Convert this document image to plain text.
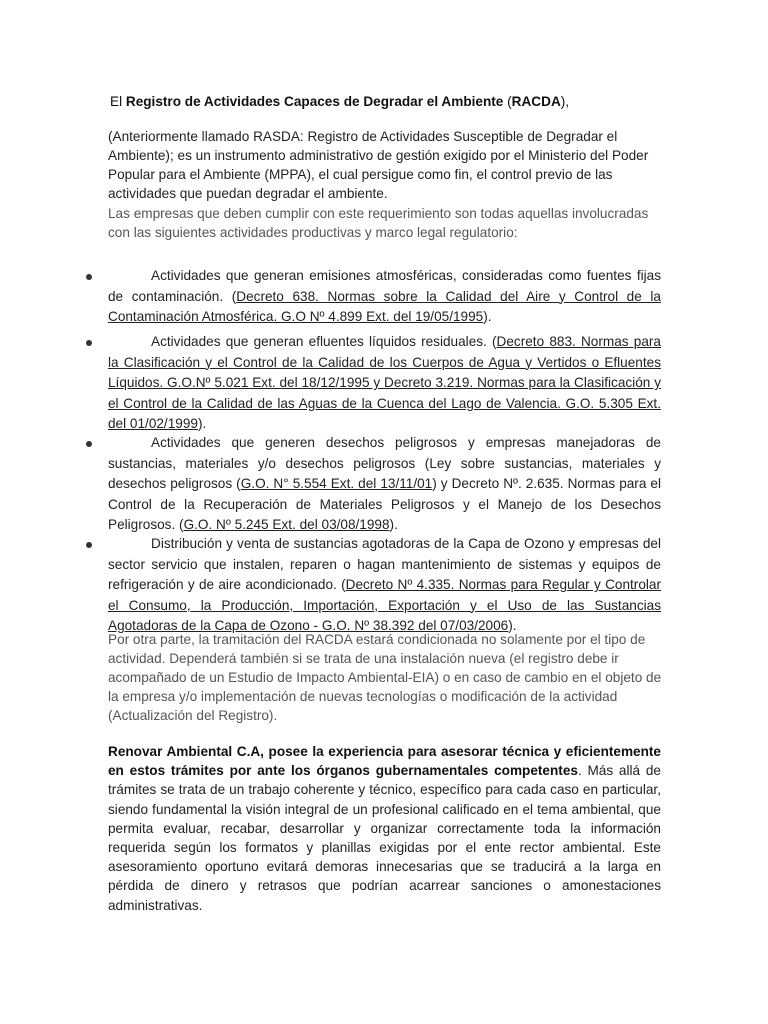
El Registro de Actividades Capaces de Degradar el Ambiente (RACDA),

(Anteriormente llamado RASDA: Registro de Actividades Susceptible de Degradar el Ambiente); es un instrumento administrativo de gestión exigido por el Ministerio del Poder Popular para el Ambiente (MPPA), el cual persigue como fin, el control previo de las actividades que puedan degradar el ambiente.

Las empresas que deben cumplir con este requerimiento son todas aquellas involucradas con las siguientes actividades productivas y marco legal regulatorio:

Actividades que generan emisiones atmosféricas, consideradas como fuentes fijas de contaminación. (Decreto 638. Normas sobre la Calidad del Aire y Control de la Contaminación Atmosférica. G.O Nº 4.899 Ext. del 19/05/1995).

Actividades que generan efluentes líquidos residuales. (Decreto 883. Normas para la Clasificación y el Control de la Calidad de los Cuerpos de Agua y Vertidos o Efluentes Líquidos. G.O.Nº 5.021 Ext. del 18/12/1995 y Decreto 3.219. Normas para la Clasificación y el Control de la Calidad de las Aguas de la Cuenca del Lago de Valencia. G.O. 5.305 Ext. del 01/02/1999).

Actividades que generen desechos peligrosos y empresas manejadoras de sustancias, materiales y/o desechos peligrosos (Ley sobre sustancias, materiales y desechos peligrosos (G.O. N° 5.554 Ext. del 13/11/01) y Decreto Nº. 2.635. Normas para el Control de la Recuperación de Materiales Peligrosos y el Manejo de los Desechos Peligrosos. (G.O. Nº 5.245 Ext. del 03/08/1998).

Distribución y venta de sustancias agotadoras de la Capa de Ozono y empresas del sector servicio que instalen, reparen o hagan mantenimiento de sistemas y equipos de refrigeración y de aire acondicionado. (Decreto Nº 4.335. Normas para Regular y Controlar el Consumo, la Producción, Importación, Exportación y el Uso de las Sustancias Agotadoras de la Capa de Ozono - G.O. Nº 38.392 del 07/03/2006).

Por otra parte, la tramitación del RACDA estará condicionada no solamente por el tipo de actividad. Dependerá también si se trata de una instalación nueva (el registro debe ir acompañado de un Estudio de Impacto Ambiental-EIA) o en caso de cambio en el objeto de la empresa y/o implementación de nuevas tecnologías o modificación de la actividad (Actualización del Registro).

Renovar Ambiental C.A, posee la experiencia para asesorar técnica y eficientemente en estos trámites por ante los órganos gubernamentales competentes. Más allá de trámites se trata de un trabajo coherente y técnico, específico para cada caso en particular, siendo fundamental la visión integral de un profesional calificado en el tema ambiental, que permita evaluar, recabar, desarrollar y organizar correctamente toda la información requerida según los formatos y planillas exigidas por el ente rector ambiental. Este asesoramiento oportuno evitará demoras innecesarias que se traducirá a la larga en pérdida de dinero y retrasos que podrían acarrear sanciones o amonestaciones administrativas.
